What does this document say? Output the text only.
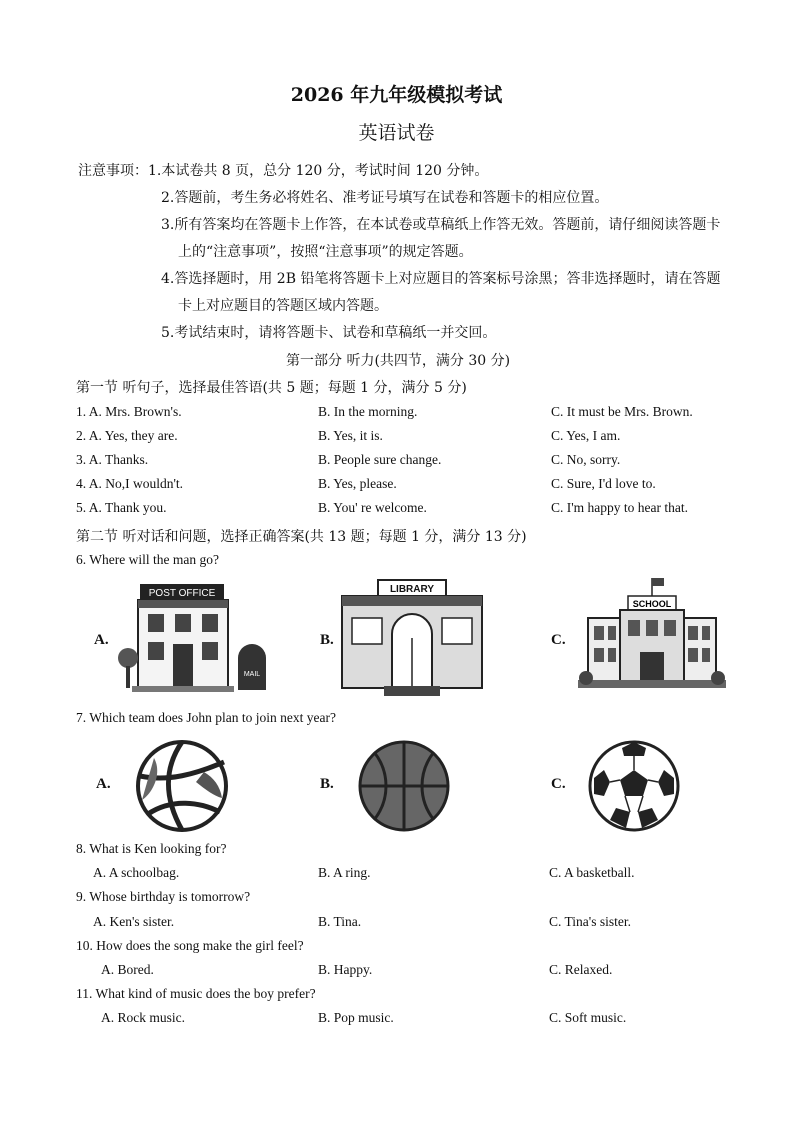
2026 年九年级模拟考试
英语试卷
注意事项：1.本试卷共 8 页，总分 120 分，考试时间 120 分钟。
2.答题前，考生务必将姓名、准考证号填写在试卷和答题卡的相应位置。
3.所有答案均在答题卡上作答，在本试卷或草稿纸上作答无效。答题前，请仔细阅读答题卡
上的“注意事项”，按照“注意事项”的规定答题。
4.答选择题时，用 2B 铅笔将答题卡上对应题目的答案标号涂黑；答非选择题时，请在答题
卡上对应题目的答题区域内答题。
5.考试结束时，请将答题卡、试卷和草稿纸一并交回。
第一部分 听力(共四节，满分 30 分)
第一节 听句子，选择最佳答语(共 5 题；每题 1 分，满分 5 分)
1. A. Mrs. Brown's.	B. In the morning.	C. It must be Mrs. Brown.
2. A. Yes, they are.	B. Yes, it is.	C. Yes, I am.
3. A. Thanks.	B. People sure change.	C. No, sorry.
4. A. No,I wouldn't.	B. Yes, please.	C. Sure, I'd love to.
5. A. Thank you.	B. You' re welcome.	C. I'm happy to hear that.
第二节 听对话和问题，选择正确答案(共 13 题；每题 1 分，满分 13 分)
6. Where will the man go?
A.
POST OFFICE
MAIL
B.
LIBRARY
C.
SCHOOL
7. Which team does John plan to join next year?
A.	B.	C.
8. What is Ken looking for?
A. A schoolbag.	B. A ring.	C. A basketball.
9. Whose birthday is tomorrow?
A. Ken's sister.	B. Tina.	C. Tina's sister.
10. How does the song make the girl feel?
A. Bored.	B. Happy.	C. Relaxed.
11. What kind of music does the boy prefer?
A. Rock music.	B. Pop music.	C. Soft music.
